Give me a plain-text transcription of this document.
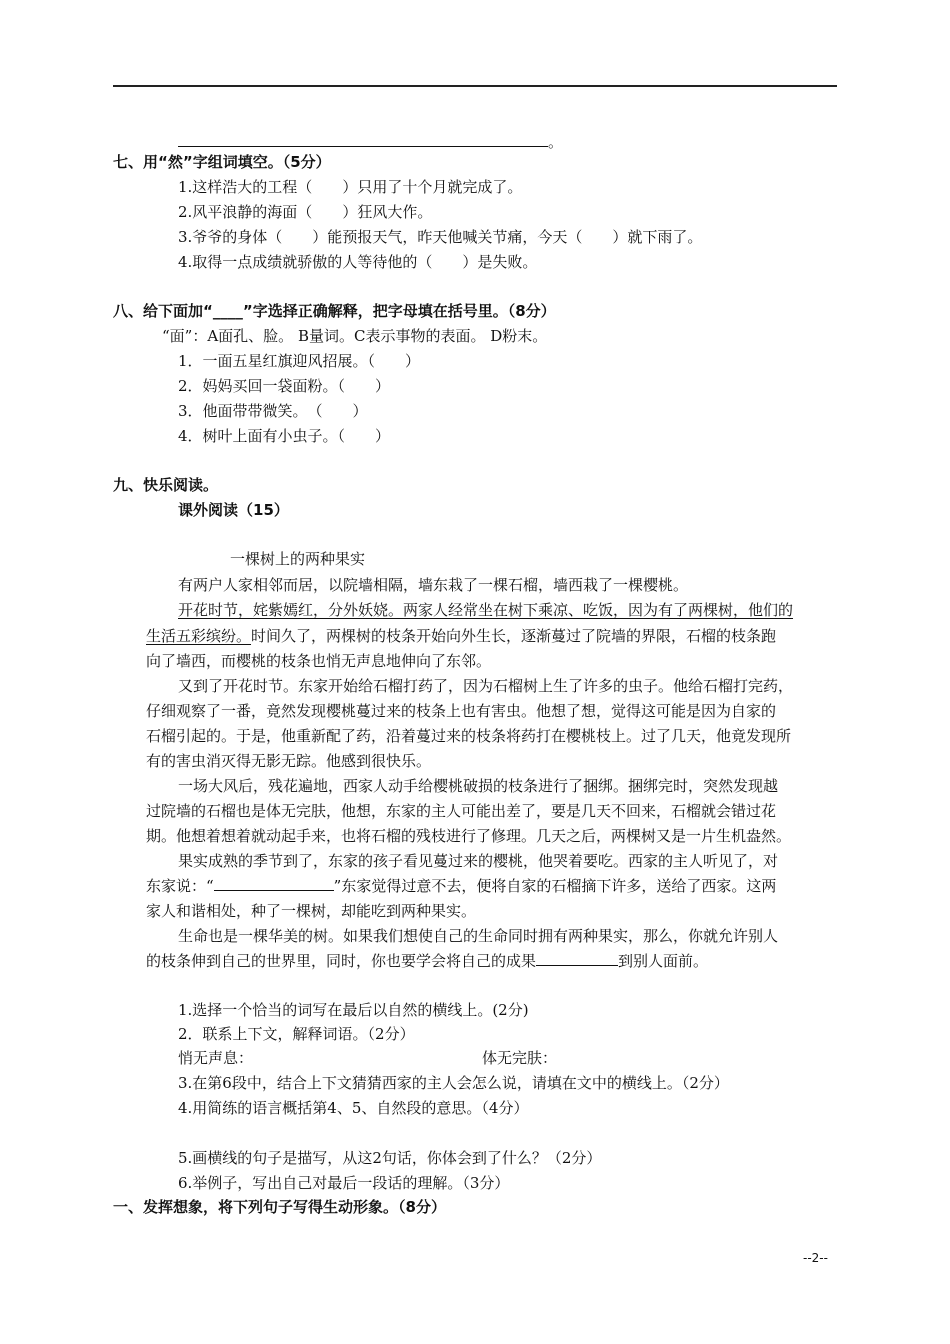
。
七、用“然”字组词填空。（5分）
1.这样浩大的工程（　　）只用了十个月就完成了。
2.风平浪静的海面（　　）狂风大作。
3.爷爷的身体（　　）能预报天气，昨天他喊关节痛，今天（　　）就下雨了。
4.取得一点成绩就骄傲的人等待他的（　　）是失败。
八、给下面加“____”字选择正确解释，把字母填在括号里。（8分）
“面”：A面孔、脸。 B量词。C表示事物的表面。 D粉末。
1．一面五星红旗迎风招展。（　　）
2．妈妈买回一袋面粉。（　　）
3．他面带带微笑。　（　　）
4．树叶上面有小虫子。（　　）
九、快乐阅读。
课外阅读（15）
一棵树上的两种果实
有两户人家相邻而居，以院墙相隔，墙东栽了一棵石榴，墙西栽了一棵樱桃。
开花时节，姹紫嫣红，分外妖娆。两家人经常坐在树下乘凉、吃饭，因为有了两棵树，他们的
生活五彩缤纷。时间久了，两棵树的枝条开始向外生长，逐渐蔓过了院墙的界限，石榴的枝条跑
向了墙西，而樱桃的枝条也悄无声息地伸向了东邻。
又到了开花时节。东家开始给石榴打药了，因为石榴树上生了许多的虫子。他给石榴打完药，
仔细观察了一番，竟然发现樱桃蔓过来的枝条上也有害虫。他想了想，觉得这可能是因为自家的
石榴引起的。于是，他重新配了药，沿着蔓过来的枝条将药打在樱桃枝上。过了几天，他竟发现所
有的害虫消灭得无影无踪。他感到很快乐。
一场大风后，残花遍地，西家人动手给樱桃破损的枝条进行了捆绑。捆绑完时，突然发现越
过院墙的石榴也是体无完肤，他想，东家的主人可能出差了，要是几天不回来，石榴就会错过花
期。他想着想着就动起手来，也将石榴的残枝进行了修理。几天之后，两棵树又是一片生机盎然。
果实成熟的季节到了，东家的孩子看见蔓过来的樱桃，他哭着要吃。西家的主人听见了，对
东家说：“	”东家觉得过意不去，便将自家的石榴摘下许多，送给了西家。这两
家人和谐相处，种了一棵树，却能吃到两种果实。
生命也是一棵华美的树。如果我们想使自己的生命同时拥有两种果实，那么，你就允许别人
的枝条伸到自己的世界里，同时，你也要学会将自己的成果	到别人面前。
1.选择一个恰当的词写在最后以自然的横线上。(2分)
2．联系上下文，解释词语。（2分）
悄无声息：	体无完肤：
3.在第6段中，结合上下文猜猜西家的主人会怎么说，请填在文中的横线上。（2分）
4.用简练的语言概括第4、5、自然段的意思。（4分）
5.画横线的句子是描写，从这2句话，你体会到了什么？（2分）
6.举例子，写出自己对最后一段话的理解。（3分）
一、发挥想象，将下列句子写得生动形象。（8分）
--2--
